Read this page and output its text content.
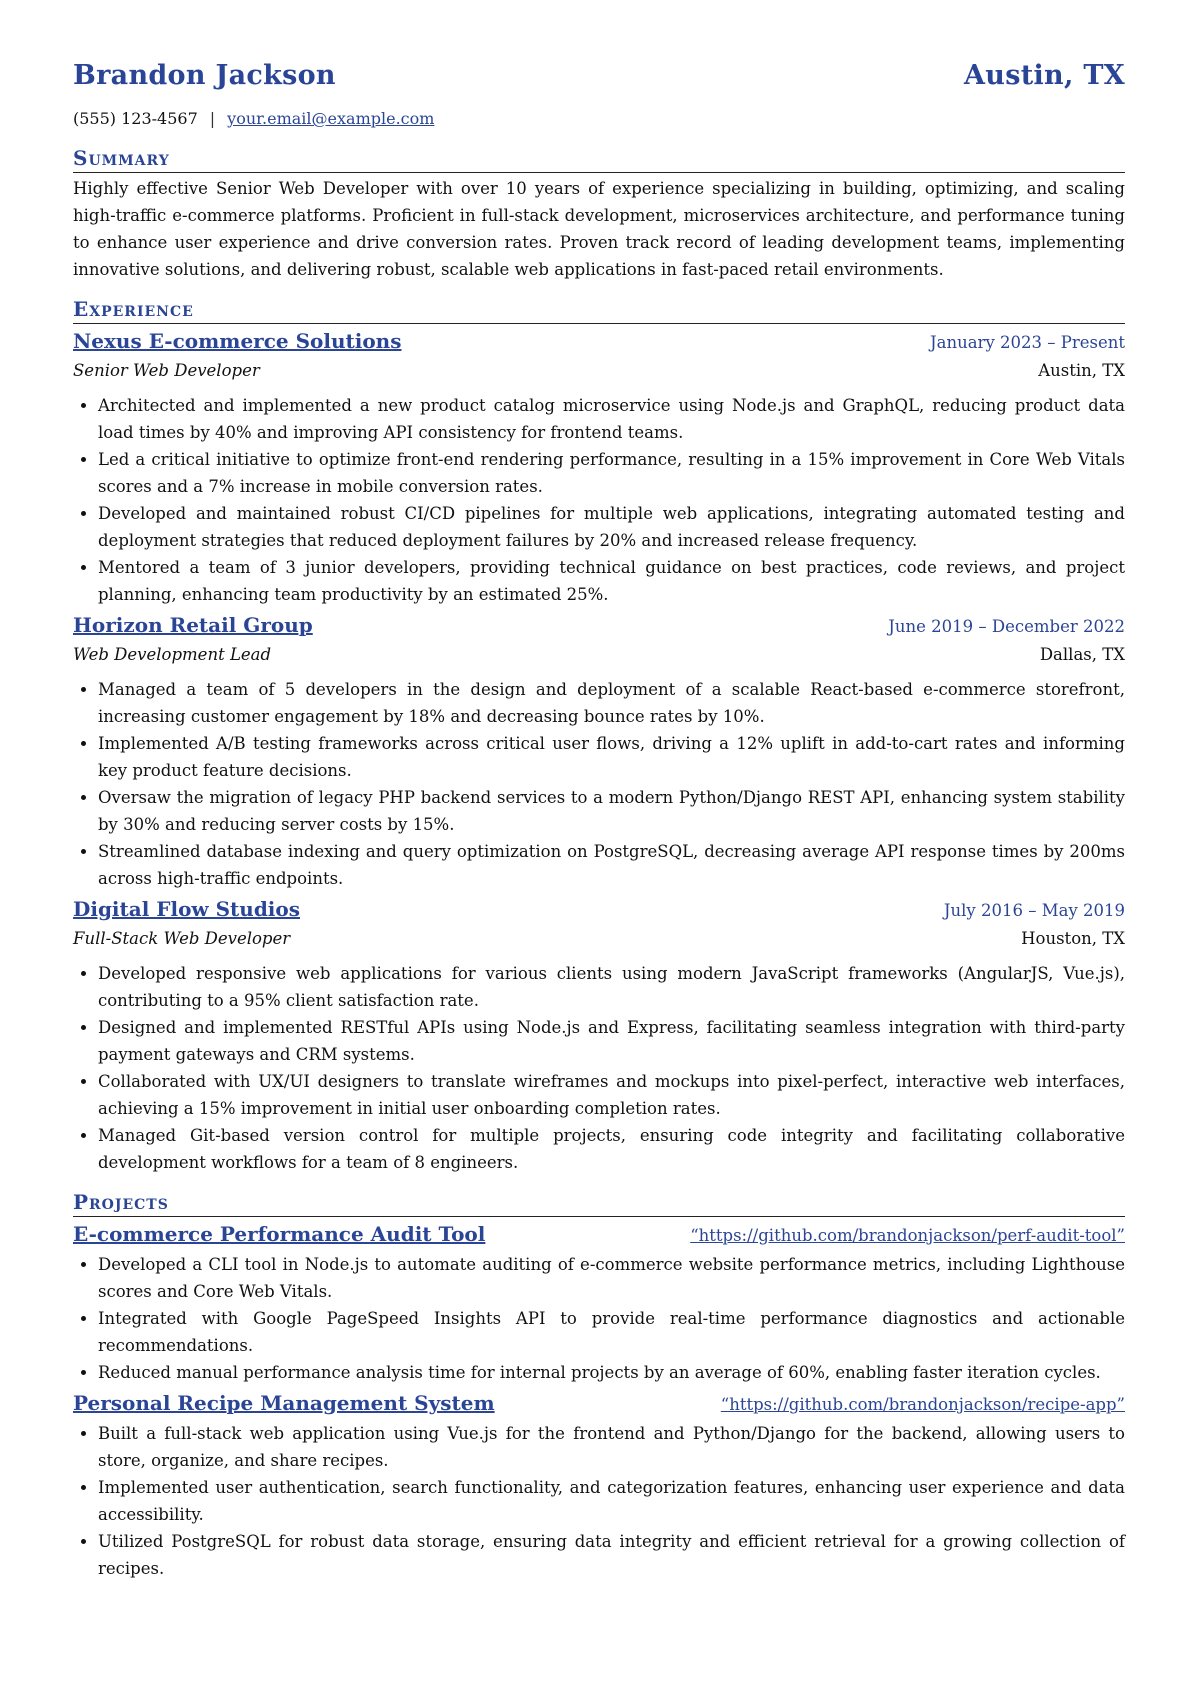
Brandon Jackson	Austin, TX
(555) 123-4567 | your.email@example.com
Summary
Highly effective Senior Web Developer with over 10 years of experience specializing in building, optimizing, and scaling high-traffic e-commerce platforms. Proficient in full-stack development, microservices architecture, and performance tuning to enhance user experience and drive conversion rates. Proven track record of leading development teams, implementing innovative solutions, and delivering robust, scalable web applications in fast-paced retail environments.
Experience
Nexus E-commerce Solutions	January 2023 – Present
Senior Web Developer	Austin, TX
• Architected and implemented a new product catalog microservice using Node.js and GraphQL, reducing product data load times by 40% and improving API consistency for frontend teams.
• Led a critical initiative to optimize front-end rendering performance, resulting in a 15% improvement in Core Web Vitals scores and a 7% increase in mobile conversion rates.
• Developed and maintained robust CI/CD pipelines for multiple web applications, integrating automated testing and deployment strategies that reduced deployment failures by 20% and increased release frequency.
• Mentored a team of 3 junior developers, providing technical guidance on best practices, code reviews, and project planning, enhancing team productivity by an estimated 25%.
Horizon Retail Group	June 2019 – December 2022
Web Development Lead	Dallas, TX
• Managed a team of 5 developers in the design and deployment of a scalable React-based e-commerce storefront, increasing customer engagement by 18% and decreasing bounce rates by 10%.
• Implemented A/B testing frameworks across critical user flows, driving a 12% uplift in add-to-cart rates and informing key product feature decisions.
• Oversaw the migration of legacy PHP backend services to a modern Python/Django REST API, enhancing system stability by 30% and reducing server costs by 15%.
• Streamlined database indexing and query optimization on PostgreSQL, decreasing average API response times by 200ms across high-traffic endpoints.
Digital Flow Studios	July 2016 – May 2019
Full-Stack Web Developer	Houston, TX
• Developed responsive web applications for various clients using modern JavaScript frameworks (AngularJS, Vue.js), contributing to a 95% client satisfaction rate.
• Designed and implemented RESTful APIs using Node.js and Express, facilitating seamless integration with third-party payment gateways and CRM systems.
• Collaborated with UX/UI designers to translate wireframes and mockups into pixel-perfect, interactive web interfaces, achieving a 15% improvement in initial user onboarding completion rates.
• Managed Git-based version control for multiple projects, ensuring code integrity and facilitating collaborative development workflows for a team of 8 engineers.
Projects
E-commerce Performance Audit Tool	“https://github.com/brandonjackson/perf-audit-tool”
• Developed a CLI tool in Node.js to automate auditing of e-commerce website performance metrics, including Lighthouse scores and Core Web Vitals.
• Integrated with Google PageSpeed Insights API to provide real-time performance diagnostics and actionable recommendations.
• Reduced manual performance analysis time for internal projects by an average of 60%, enabling faster iteration cycles.
Personal Recipe Management System	“https://github.com/brandonjackson/recipe-app”
• Built a full-stack web application using Vue.js for the frontend and Python/Django for the backend, allowing users to store, organize, and share recipes.
• Implemented user authentication, search functionality, and categorization features, enhancing user experience and data accessibility.
• Utilized PostgreSQL for robust data storage, ensuring data integrity and efficient retrieval for a growing collection of recipes.
